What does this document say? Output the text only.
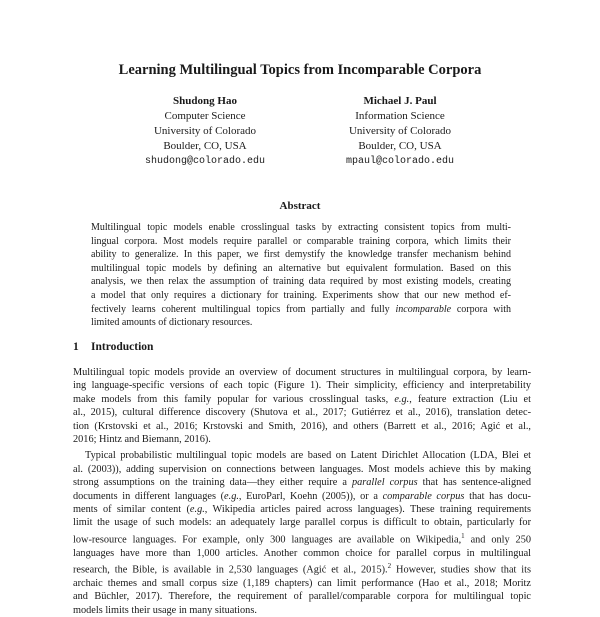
Learning Multilingual Topics from Incomparable Corpora
Shudong Hao
Computer Science
University of Colorado
Boulder, CO, USA
shudong@colorado.edu
Michael J. Paul
Information Science
University of Colorado
Boulder, CO, USA
mpaul@colorado.edu
Abstract
Multilingual topic models enable crosslingual tasks by extracting consistent topics from multi-
lingual corpora. Most models require parallel or comparable training corpora, which limits their
ability to generalize. In this paper, we first demystify the knowledge transfer mechanism behind
multilingual topic models by defining an alternative but equivalent formulation. Based on this
analysis, we then relax the assumption of training data required by most existing models, creating
a model that only requires a dictionary for training. Experiments show that our new method ef-
fectively learns coherent multilingual topics from partially and fully incomparable corpora with
limited amounts of dictionary resources.
1 Introduction
Multilingual topic models provide an overview of document structures in multilingual corpora, by learn-
ing language-specific versions of each topic (Figure 1). Their simplicity, efficiency and interpretability
make models from this family popular for various crosslingual tasks, e.g., feature extraction (Liu et
al., 2015), cultural difference discovery (Shutova et al., 2017; Gutiérrez et al., 2016), translation detec-
tion (Krstovski et al., 2016; Krstovski and Smith, 2016), and others (Barrett et al., 2016; Agić et al.,
2016; Hintz and Biemann, 2016).
Typical probabilistic multilingual topic models are based on Latent Dirichlet Allocation (LDA, Blei et
al. (2003)), adding supervision on connections between languages. Most models achieve this by making
strong assumptions on the training data—they either require a parallel corpus that has sentence-aligned
documents in different languages (e.g., EuroParl, Koehn (2005)), or a comparable corpus that has docu-
ments of similar content (e.g., Wikipedia articles paired across languages). These training requirements
limit the usage of such models: an adequately large parallel corpus is difficult to obtain, particularly for
low-resource languages. For example, only 300 languages are available on Wikipedia,$^1$ and only 250
languages have more than 1,000 articles. Another common choice for parallel corpus in multilingual
research, the Bible, is available in 2,530 languages (Agić et al., 2015).$^2$ However, studies show that its
archaic themes and small corpus size (1,189 chapters) can limit performance (Hao et al., 2018; Moritz
and Büchler, 2017). Therefore, the requirement of parallel/comparable corpora for multilingual topic
models limits their usage in many situations.
